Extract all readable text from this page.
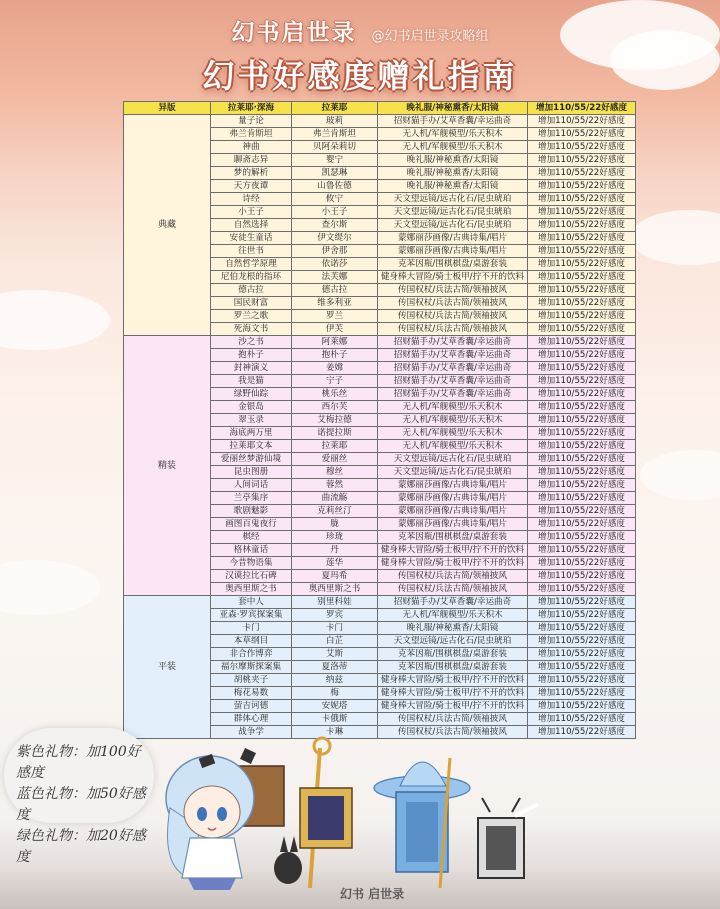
幻书启世录 @幻书启世录攻略组
幻书好感度赠礼指南
异版	拉莱耶·深海	拉莱耶	晚礼服/神秘熏香/太阳镜	增加110/55/22好感度
典藏	量子论	玻莉	招财猫手办/艾草香囊/幸运曲奇	增加110/55/22好感度
	弗兰肯斯坦	弗兰肯斯坦	无人机/军舰模型/乐天积木	增加110/55/22好感度
	神曲	贝阿朵莉切	无人机/军舰模型/乐天积木	增加110/55/22好感度
	聊斋志异	婴宁	晚礼服/神秘熏香/太阳镜	增加110/55/22好感度
	梦的解析	凯瑟琳	晚礼服/神秘熏香/太阳镜	增加110/55/22好感度
	天方夜谭	山鲁佐德	晚礼服/神秘熏香/太阳镜	增加110/55/22好感度
	诗经	攸宁	天文望远镜/远古化石/昆虫琥珀	增加110/55/22好感度
	小王子	小王子	天文望远镜/远古化石/昆虫琥珀	增加110/55/22好感度
	自然选择	查尔斯	天文望远镜/远古化石/昆虫琥珀	增加110/55/22好感度
	安徒生童话	伊文缇尔	蒙娜丽莎画像/古典诗集/唱片	增加110/55/22好感度
	往世书	伊舍那	蒙娜丽莎画像/古典诗集/唱片	增加110/55/22好感度
	自然哲学原理	依诺莎	克苯因瓶/围棋棋盘/桌游套装	增加110/55/22好感度
	尼伯龙根的指环	法芙娜	健身棒大冒险/骑士板甲/拧不开的饮料	增加110/55/22好感度
	德古拉	德古拉	传国权杖/兵法古简/领袖披风	增加110/55/22好感度
	国民财富	维多利亚	传国权杖/兵法古简/领袖披风	增加110/55/22好感度
	罗兰之歌	罗兰	传国权杖/兵法古简/领袖披风	增加110/55/22好感度
	死海文书	伊芙	传国权杖/兵法古简/领袖披风	增加110/55/22好感度
精装	沙之书	阿莱娜	招财猫手办/艾草香囊/幸运曲奇	增加110/55/22好感度
	抱朴子	抱朴子	招财猫手办/艾草香囊/幸运曲奇	增加110/55/22好感度
	封神演义	姜嫦	招财猫手办/艾草香囊/幸运曲奇	增加110/55/22好感度
	我是猫	宁子	招财猫手办/艾草香囊/幸运曲奇	增加110/55/22好感度
	绿野仙踪	桃乐丝	招财猫手办/艾草香囊/幸运曲奇	增加110/55/22好感度
	金银岛	西尔芙	无人机/军舰模型/乐天积木	增加110/55/22好感度
	翠玉录	艾梅拉德	无人机/军舰模型/乐天积木	增加110/55/22好感度
	海底两万里	诺提拉斯	无人机/军舰模型/乐天积木	增加110/55/22好感度
	拉莱耶文本	拉莱耶	无人机/军舰模型/乐天积木	增加110/55/22好感度
	爱丽丝梦游仙境	爱丽丝	天文望远镜/远古化石/昆虫琥珀	增加110/55/22好感度
	昆虫图册	穆丝	天文望远镜/远古化石/昆虫琥珀	增加110/55/22好感度
	人间词话	蓉然	蒙娜丽莎画像/古典诗集/唱片	增加110/55/22好感度
	兰亭集序	曲流觞	蒙娜丽莎画像/古典诗集/唱片	增加110/55/22好感度
	歌剧魅影	克莉丝汀	蒙娜丽莎画像/古典诗集/唱片	增加110/55/22好感度
	画图百鬼夜行	胧	蒙娜丽莎画像/古典诗集/唱片	增加110/55/22好感度
	棋经	珍珑	克苯因瓶/围棋棋盘/桌游套装	增加110/55/22好感度
	格林童话	丹	健身棒大冒险/骑士板甲/拧不开的饮料	增加110/55/22好感度
	今昔物语集	莲华	健身棒大冒险/骑士板甲/拧不开的饮料	增加110/55/22好感度
	汉谟拉比石碑	夏玛希	传国权杖/兵法古简/领袖披风	增加110/55/22好感度
	奥西里斯之书	奥西里斯之书	传国权杖/兵法古简/领袖披风	增加110/55/22好感度
平装	套中人	别里科娃	招财猫手办/艾草香囊/幸运曲奇	增加110/55/22好感度
	亚森·罗宾探案集	罗宾	无人机/军舰模型/乐天积木	增加110/55/22好感度
	卡门	卡门	晚礼服/神秘熏香/太阳镜	增加110/55/22好感度
	本草纲目	白芷	天文望远镜/远古化石/昆虫琥珀	增加110/55/22好感度
	非合作博弈	艾斯	克苯因瓶/围棋棋盘/桌游套装	增加110/55/22好感度
	福尔摩斯探案集	夏洛蒂	克苯因瓶/围棋棋盘/桌游套装	增加110/55/22好感度
	胡桃夹子	纳兹	健身棒大冒险/骑士板甲/拧不开的饮料	增加110/55/22好感度
	梅花易数	梅	健身棒大冒险/骑士板甲/拧不开的饮料	增加110/55/22好感度
	萤吉诃德	安妮塔	健身棒大冒险/骑士板甲/拧不开的饮料	增加110/55/22好感度
	群体心理	卡俄斯	传国权杖/兵法古简/领袖披风	增加110/55/22好感度
	战争学	卡琳	传国权杖/兵法古简/领袖披风	增加110/55/22好感度
紫色礼物：加100好感度
蓝色礼物：加50好感度
绿色礼物：加20好感度
幻书 启世录
